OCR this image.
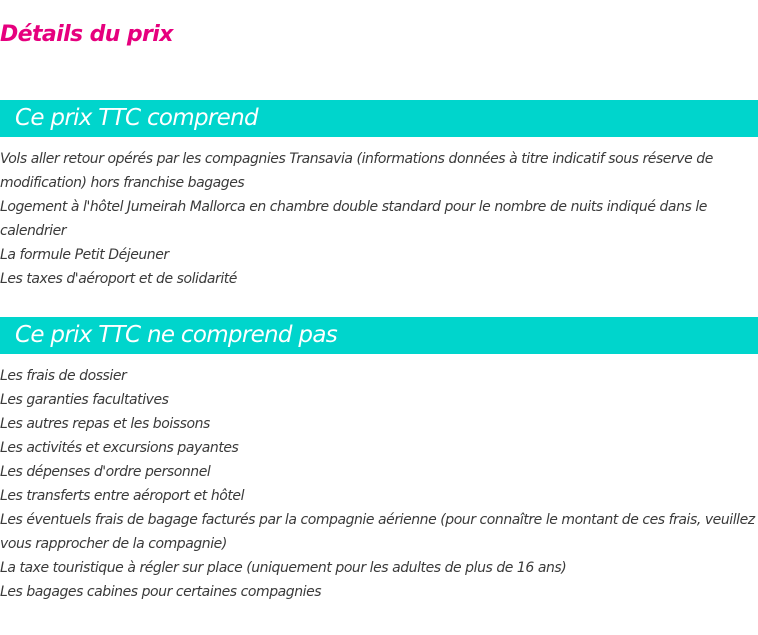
Détails du prix
Ce prix TTC comprend
Vols aller retour opérés par les compagnies Transavia (informations données à titre indicatif sous réserve de modification) hors franchise bagages
Logement à l'hôtel Jumeirah Mallorca en chambre double standard pour le nombre de nuits indiqué dans le calendrier
La formule Petit Déjeuner
Les taxes d'aéroport et de solidarité
Ce prix TTC ne comprend pas
Les frais de dossier
Les garanties facultatives
Les autres repas et les boissons
Les activités et excursions payantes
Les dépenses d'ordre personnel
Les transferts entre aéroport et hôtel
Les éventuels frais de bagage facturés par la compagnie aérienne (pour connaître le montant de ces frais, veuillez vous rapprocher de la compagnie)
La taxe touristique à régler sur place (uniquement pour les adultes de plus de 16 ans)
Les bagages cabines pour certaines compagnies
